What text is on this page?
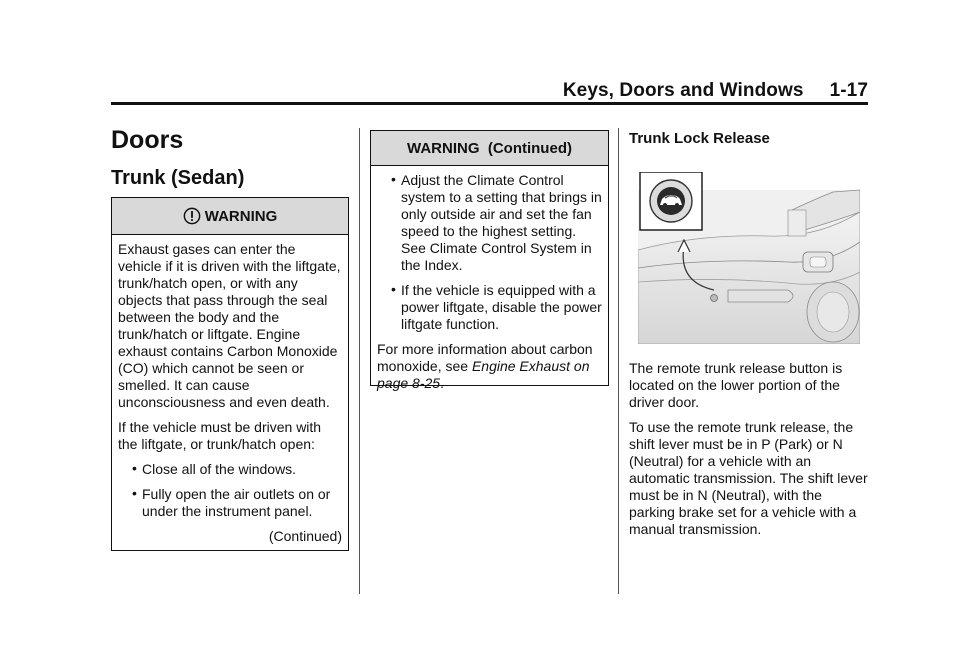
Keys, Doors and Windows 1-17
Doors
Trunk (Sedan)
WARNING

Exhaust gases can enter the vehicle if it is driven with the liftgate, trunk/hatch open, or with any objects that pass through the seal between the body and the trunk/hatch or liftgate. Engine exhaust contains Carbon Monoxide (CO) which cannot be seen or smelled. It can cause unconsciousness and even death.

If the vehicle must be driven with the liftgate, or trunk/hatch open:

• Close all of the windows.
• Fully open the air outlets on or under the instrument panel.
(Continued)
WARNING  (Continued)
• Adjust the Climate Control system to a setting that brings in only outside air and set the fan speed to the highest setting. See Climate Control System in the Index.
• If the vehicle is equipped with a power liftgate, disable the power liftgate function.

For more information about carbon monoxide, see Engine Exhaust on page 8-25.

Trunk Lock Release

The remote trunk release button is located on the lower portion of the driver door.

To use the remote trunk release, the shift lever must be in P (Park) or N (Neutral) for a vehicle with an automatic transmission. The shift lever must be in N (Neutral), with the parking brake set for a vehicle with a manual transmission.
